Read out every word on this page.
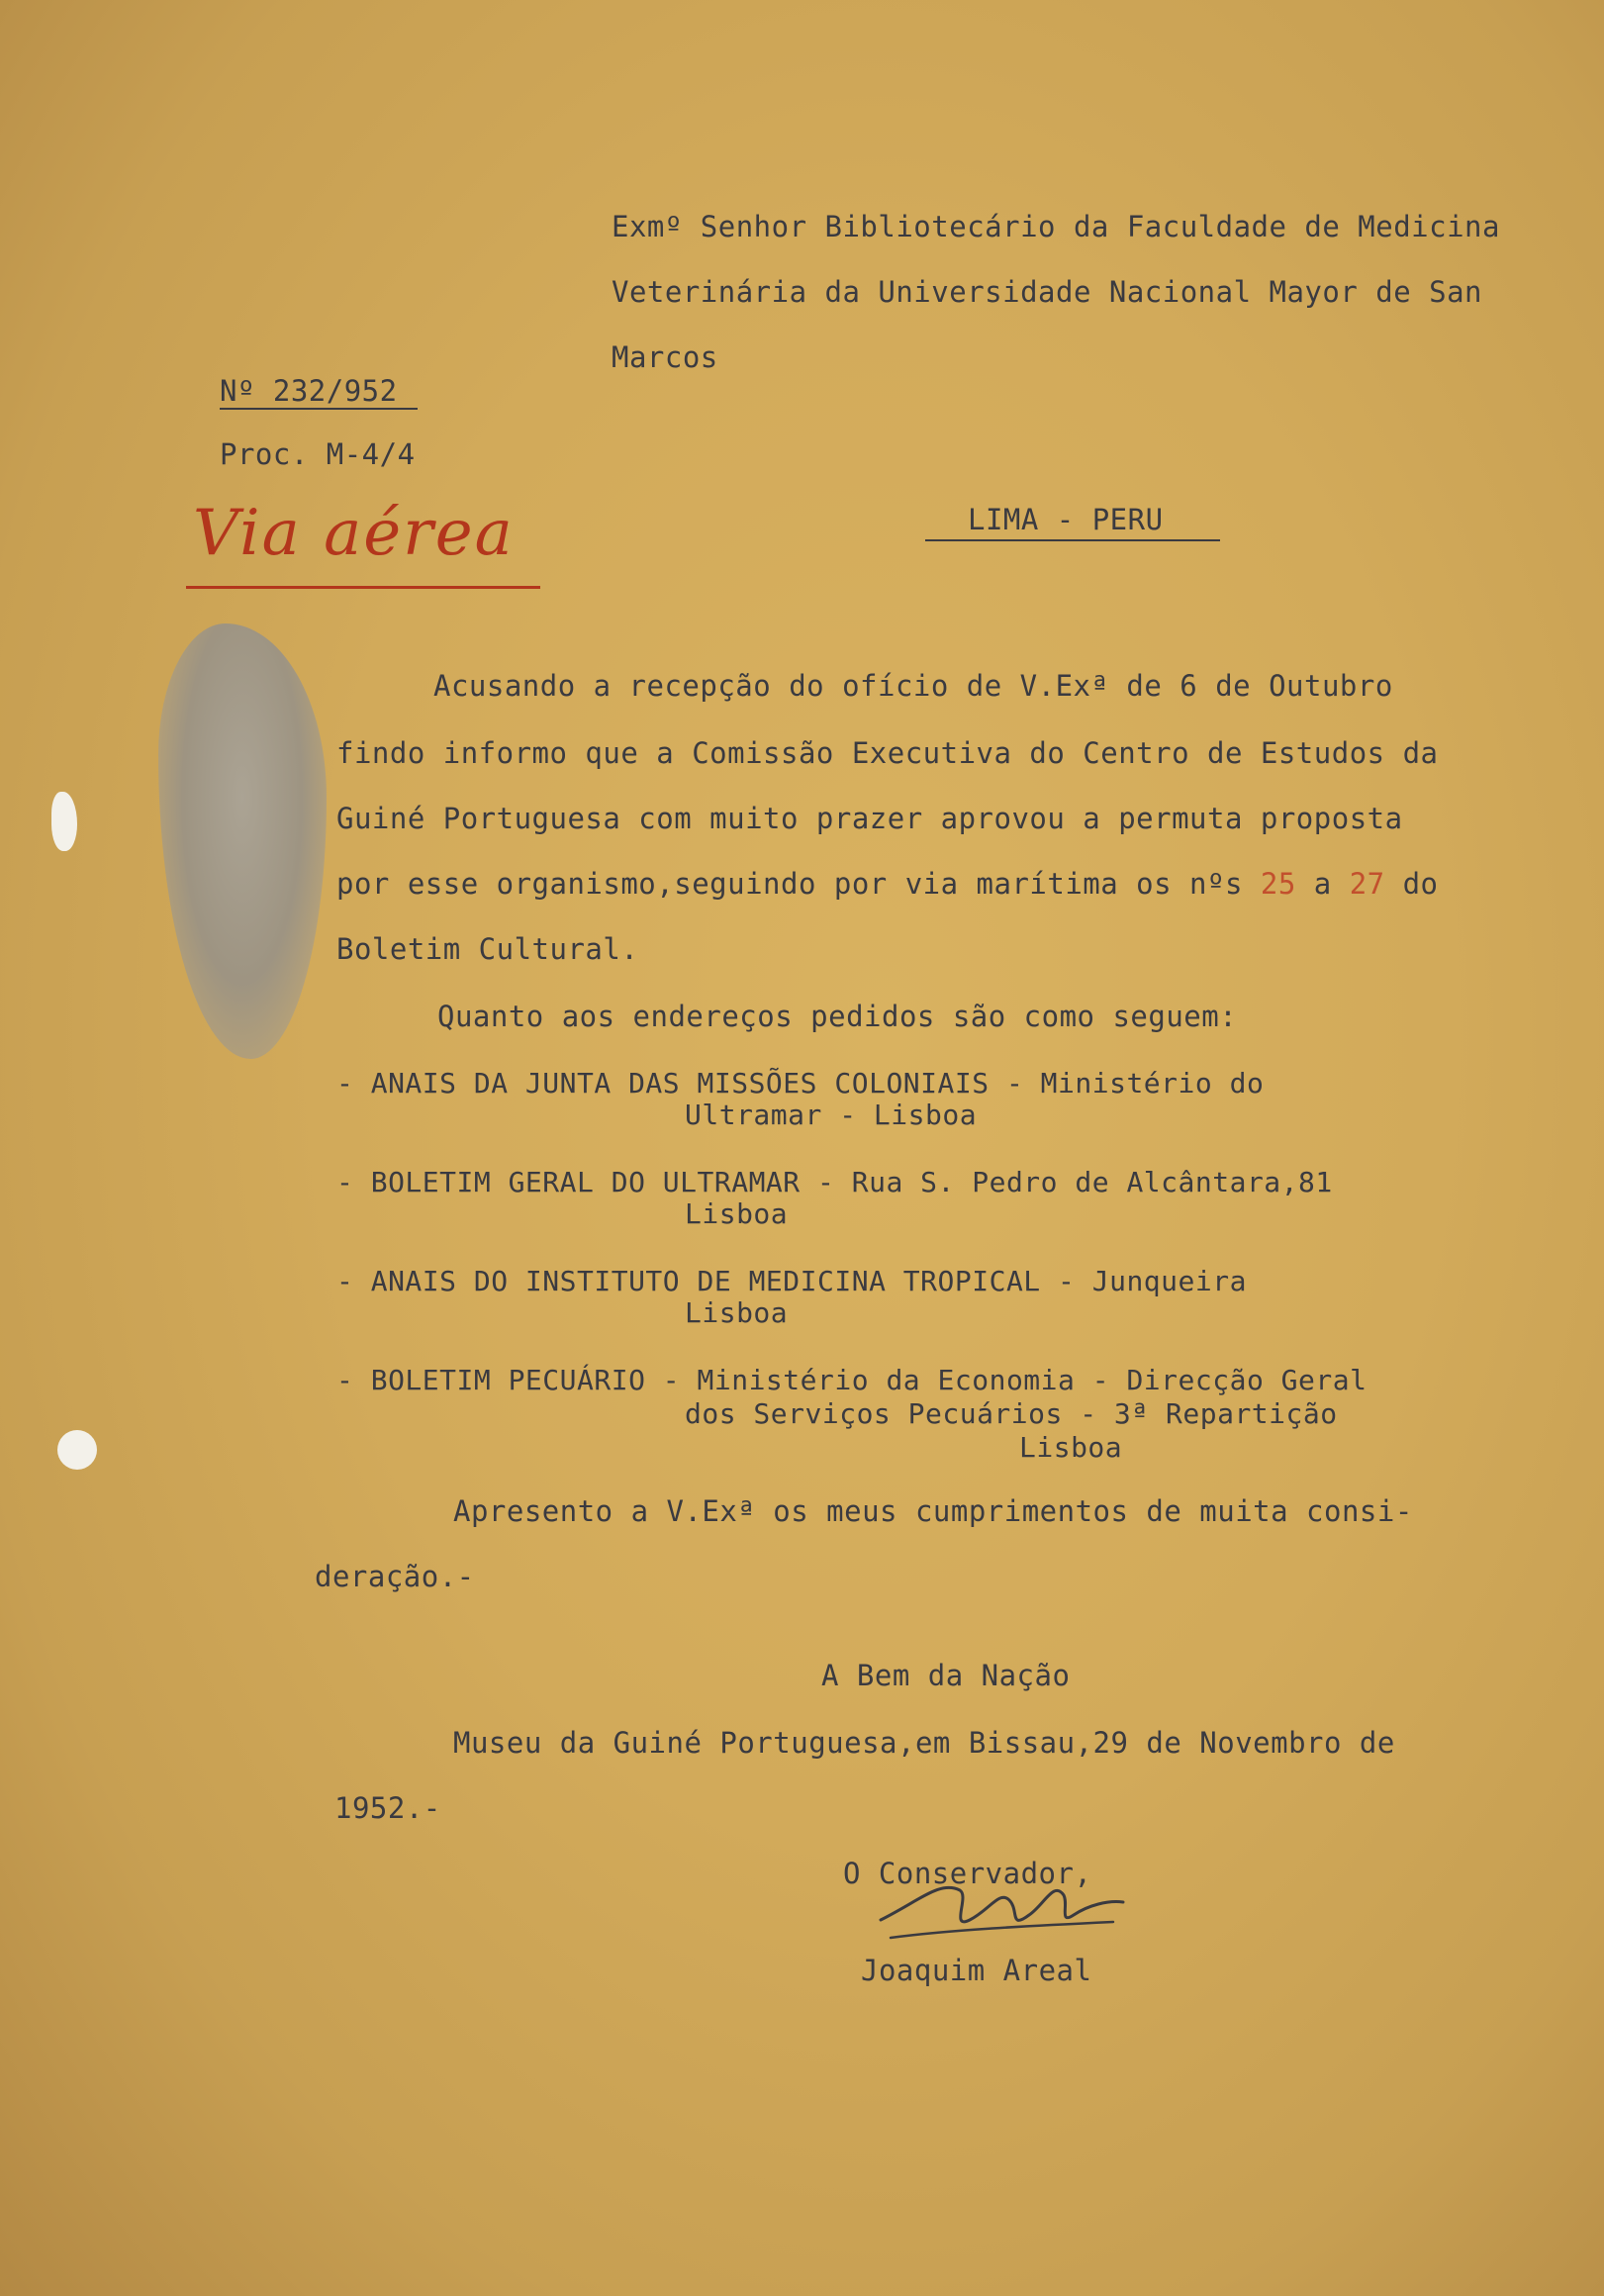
Exmº Senhor Bibliotecário da Faculdade de Medicina
Veterinária da Universidade Nacional Mayor de San
Marcos
Nº 232/952
Proc. M-4/4
Via aérea	LIMA - PERU
Acusando a recepção do ofício de V.Exª de 6 de Outubro
findo informo que a Comissão Executiva do Centro de Estudos da
Guiné Portuguesa com muito prazer aprovou a permuta proposta
por esse organismo,seguindo por via marítima os nºs 25 a 27 do
Boletim Cultural.
Quanto aos endereços pedidos são como seguem:
- ANAIS DA JUNTA DAS MISSÕES COLONIAIS - Ministério do
Ultramar - Lisboa
- BOLETIM GERAL DO ULTRAMAR - Rua S. Pedro de Alcântara,81
Lisboa
- ANAIS DO INSTITUTO DE MEDICINA TROPICAL - Junqueira
Lisboa
- BOLETIM PECUÁRIO - Ministério da Economia - Direcção Geral
dos Serviços Pecuários - 3ª Repartição
Lisboa
Apresento a V.Exª os meus cumprimentos de muita consi-
deração.-
A Bem da Nação
Museu da Guiné Portuguesa,em Bissau,29 de Novembro de
1952.-
O Conservador,
Joaquim Areal
